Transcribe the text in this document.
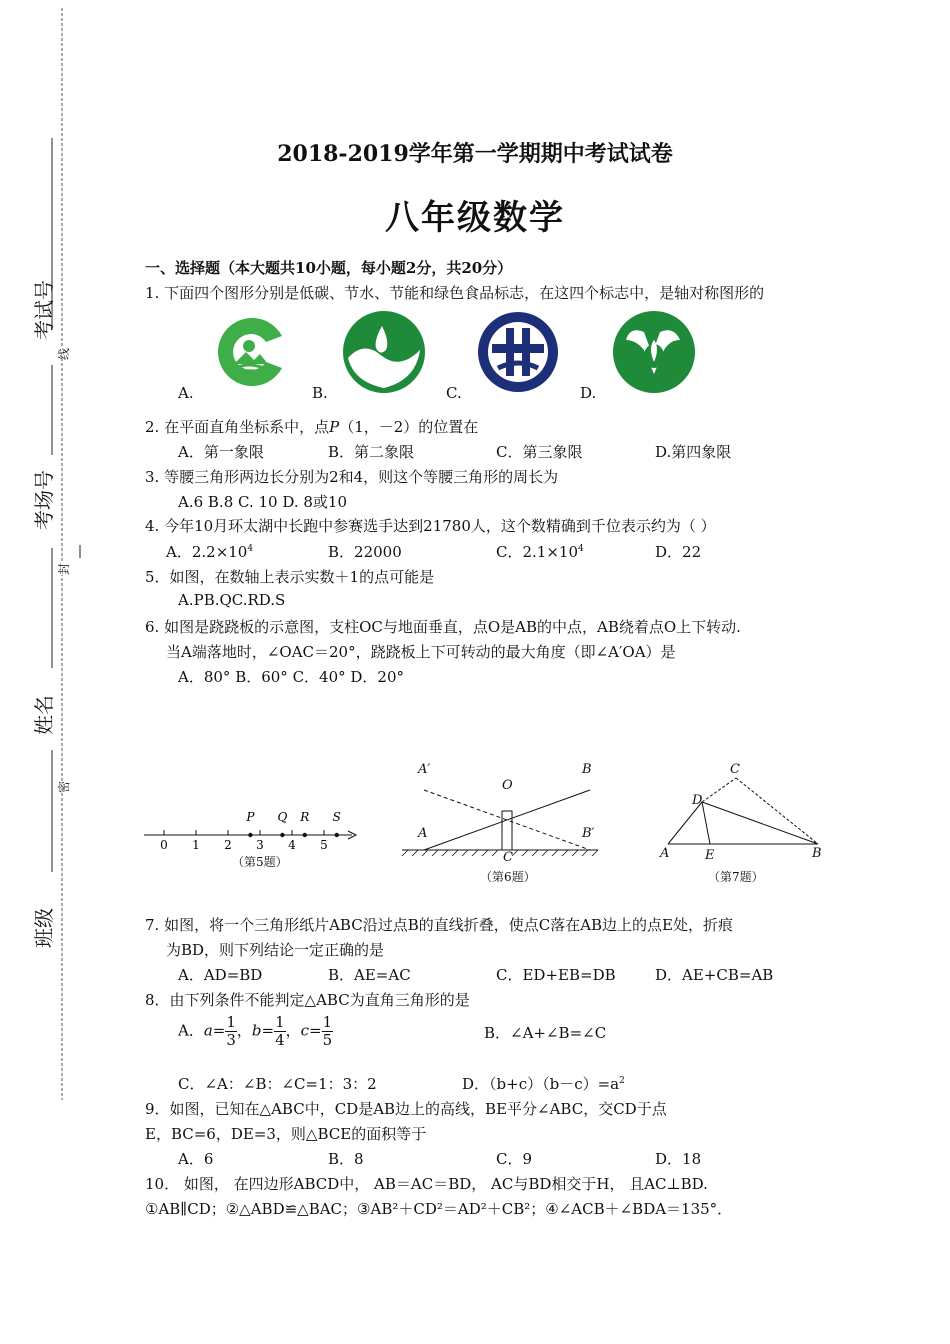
考试号
考场号
姓名
班级
线
封
密
2018-2019学年第一学期期中考试试卷
八年级数学
一、选择题（本大题共10小题，每小题2分，共20分）
1. 下面四个图形分别是低碳、节水、节能和绿色食品标志，在这四个标志中，是轴对称图形的
A.	B.	C.	D.
2. 在平面直角坐标系中，点P（1，－2）的位置在
A．第一象限	B．第二象限	C．第三象限	D.第四象限
3. 等腰三角形两边长分别为2和4，则这个等腰三角形的周长为
A.6 B.8 C. 10 D. 8或10
4. 今年10月环太湖中长跑中参赛选手达到21780人，这个数精确到千位表示约为（ ）
A．$2.2\times 10^4$	B．22000	C．$2.1\times 10^4$	D．22
5．如图，在数轴上表示实数＋1的点可能是
A.PB.QC.RD.S
6. 如图是跷跷板的示意图，支柱OC与地面垂直，点O是AB的中点，AB绕着点O上下转动.
当A端落地时，∠OAC＝20°，跷跷板上下可转动的最大角度（即∠A′OA）是
A．80° B．60° C．40° D．20°
0 1 2 3 4 5
P Q R S
（第5题）
A′	B
O
A	B′
C
（第6题）
C
D
A	E	B
（第7题）
7. 如图，将一个三角形纸片ABC沿过点B的直线折叠，使点C落在AB边上的点E处，折痕
为BD，则下列结论一定正确的是
A．AD=BD	B．AE=AC	C．ED+EB=DB	D．AE+CB=AB
8．由下列条件不能判定△ABC为直角三角形的是
A．$a= \frac{1}{3}$ ，$b= \frac{1}{4}$ ，$c= \frac{1}{5}$	B．∠A+∠B=∠C
C．∠A：∠B：∠C=1：3：2	D．$(b+c)(b-c)=a^2$
9．如图，已知在△ABC中，CD是AB边上的高线，BE平分∠ABC，交CD于点
E，BC=6，DE=3，则△BCE的面积等于
A．6	B．8	C．9	D．18
10． 如图， 在四边形ABCD中， AB＝AC＝BD， AC与BD相交于H， 且AC⊥BD.
①AB∥CD；②△ABD≌△BAC；③AB²＋CD²＝AD²＋CB²；④∠ACB＋∠BDA＝135°．
